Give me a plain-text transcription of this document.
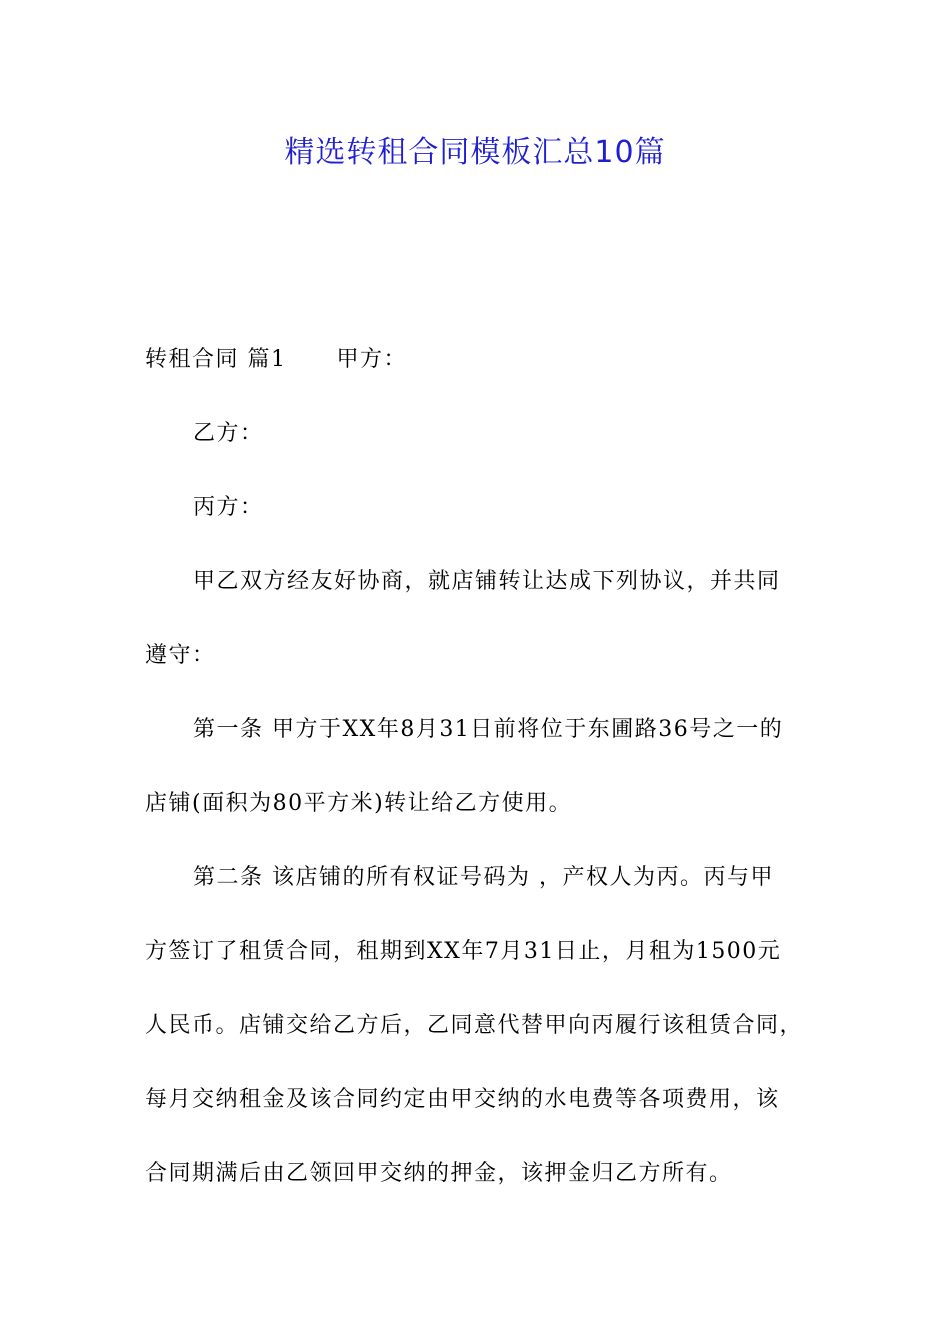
精选转租合同模板汇总10篇
转租合同 篇1 甲方：
乙方：
丙方：
甲乙双方经友好协商，就店铺转让达成下列协议，并共同
遵守：
第一条 甲方于XX年8月31日前将位于东圃路36号之一的
店铺(面积为80平方米)转让给乙方使用。
第二条 该店铺的所有权证号码为 ，产权人为丙。丙与甲
方签订了租赁合同，租期到XX年7月31日止，月租为1500元
人民币。店铺交给乙方后，乙同意代替甲向丙履行该租赁合同，
每月交纳租金及该合同约定由甲交纳的水电费等各项费用，该
合同期满后由乙领回甲交纳的押金，该押金归乙方所有。
